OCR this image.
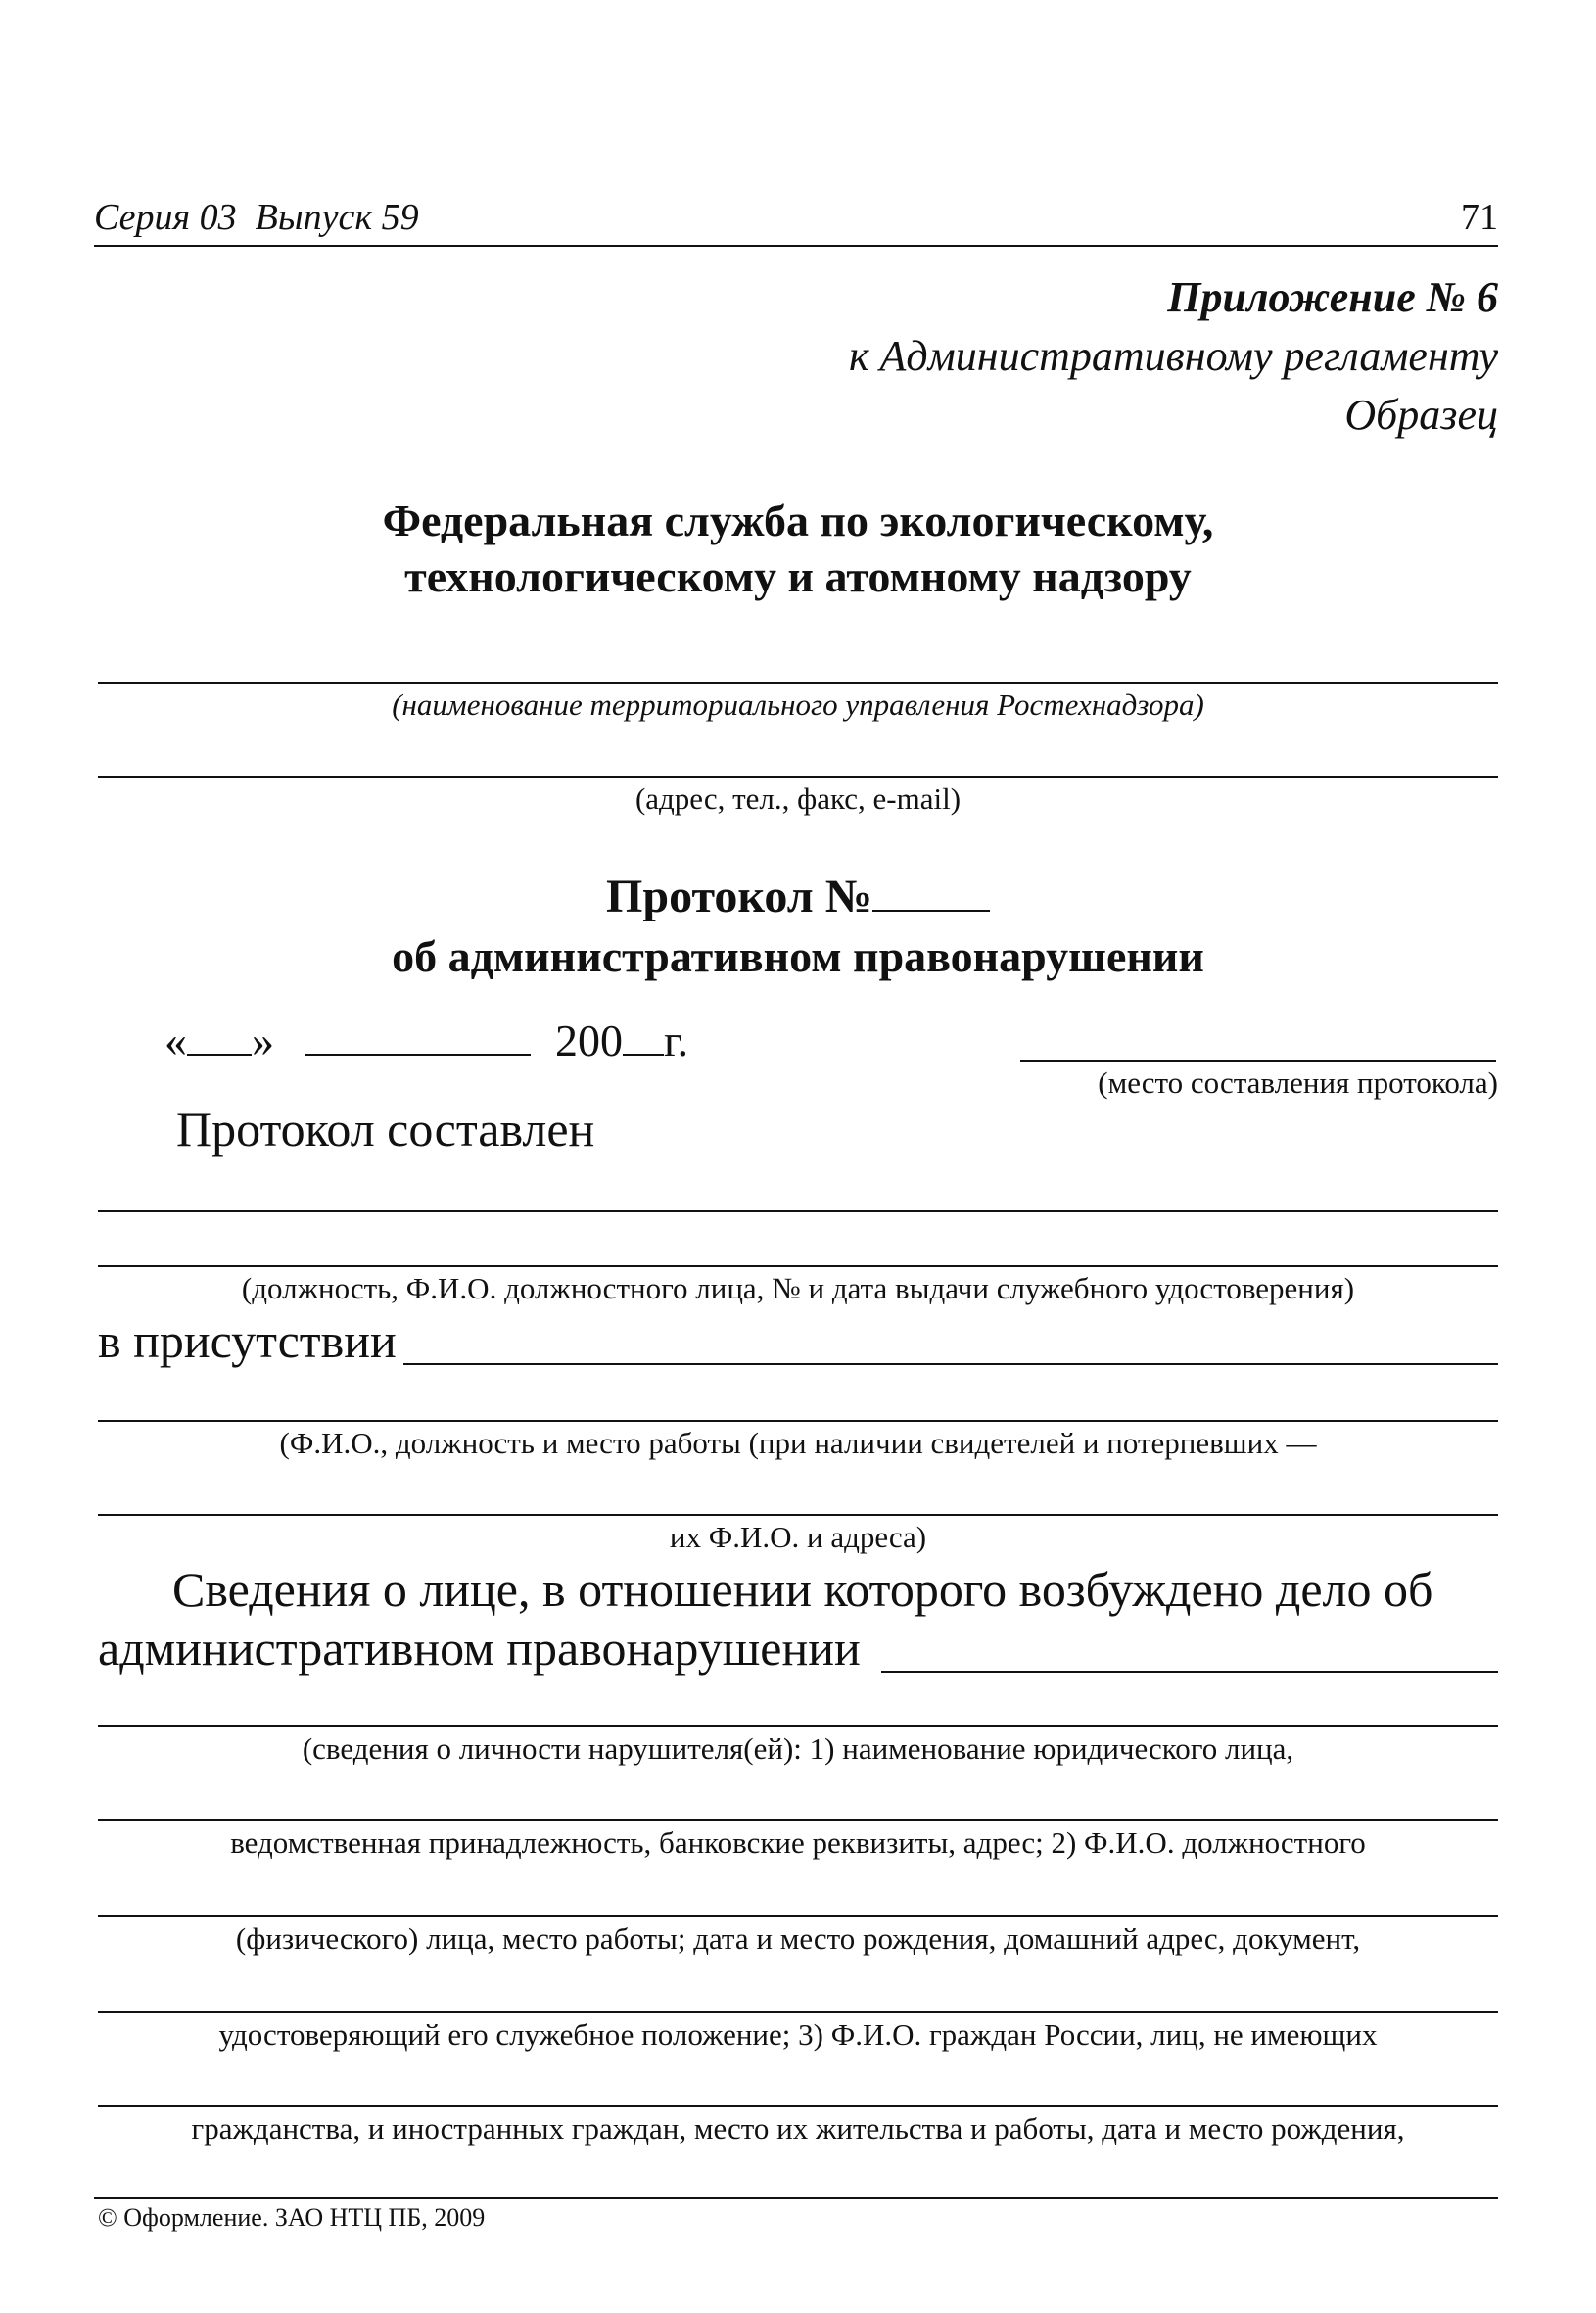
Серия 03  Выпуск 59	71
Приложение № 6
к Административному регламенту
Образец
Федеральная служба по экологическому,
технологическому и атомному надзору
(наименование территориального управления Ростехнадзора)
(адрес, тел., факс, e-mail)
Протокол №
об административном правонарушении
« »	200 г.
(место составления протокола)
Протокол составлен
(должность, Ф.И.О. должностного лица, № и дата выдачи служебного удостоверения)
в присутствии
(Ф.И.О., должность и место работы (при наличии свидетелей и потерпевших —
их Ф.И.О. и адреса)
Сведения о лице, в отношении которого возбуждено дело об
административном правонарушении
(сведения о личности нарушителя(ей): 1) наименование юридического лица,
ведомственная принадлежность, банковские реквизиты, адрес; 2) Ф.И.О. должностного
(физического) лица, место работы; дата и место рождения, домашний адрес, документ,
удостоверяющий его служебное положение; 3) Ф.И.О. граждан России, лиц, не имеющих
гражданства, и иностранных граждан, место их жительства и работы, дата и место рождения,
© Оформление. ЗАО НТЦ ПБ, 2009
